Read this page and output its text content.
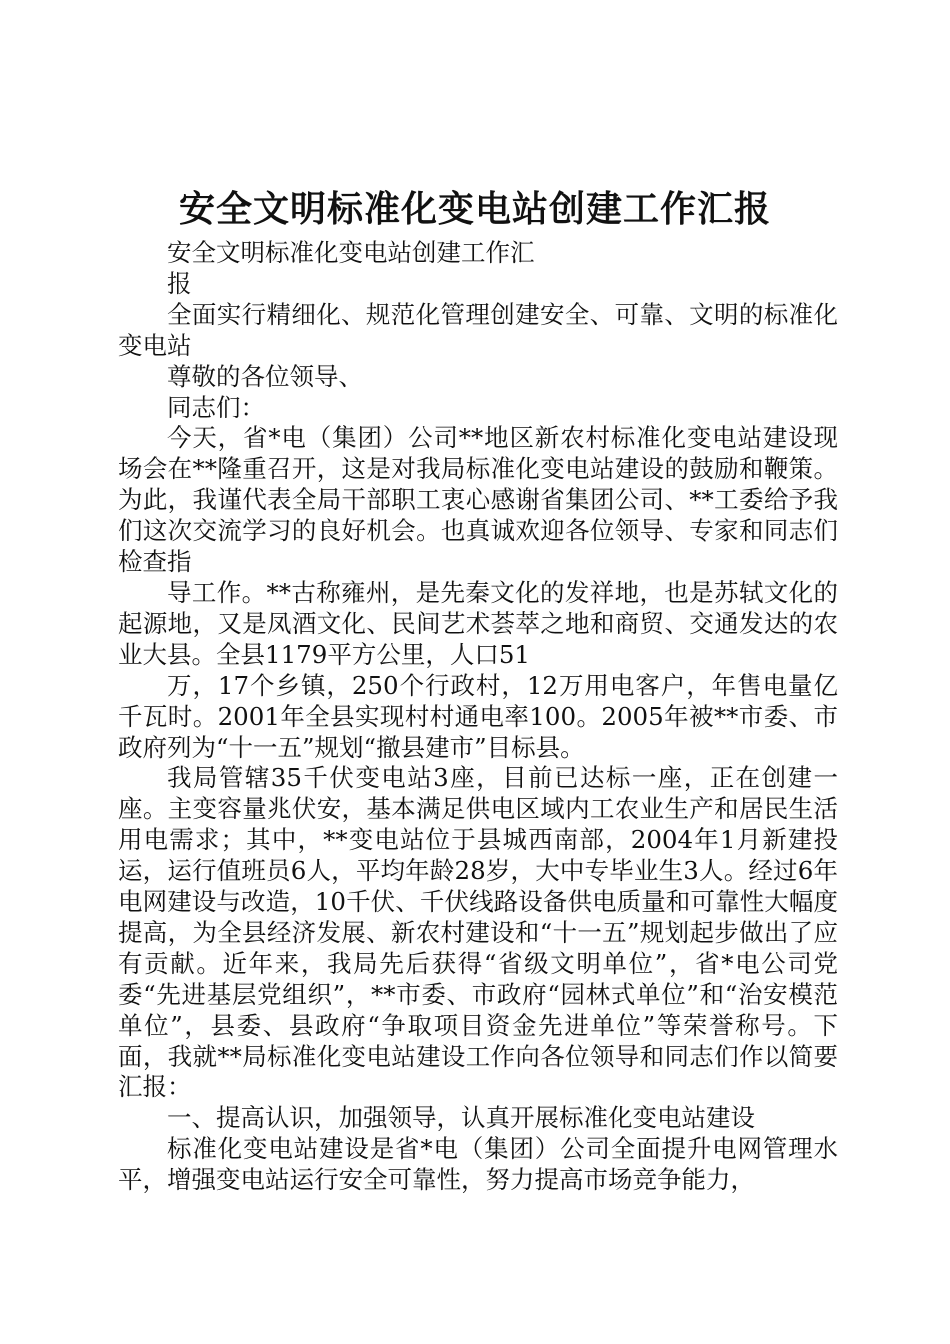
安全文明标准化变电站创建工作汇报

安全文明标准化变电站创建工作汇

报

全面实行精细化、规范化管理创建安全、可靠、文明的标准化变电站

尊敬的各位领导、

同志们：

今天，省*电（集团）公司**地区新农村标准化变电站建设现场会在**隆重召开，这是对我局标准化变电站建设的鼓励和鞭策。为此，我谨代表全局干部职工衷心感谢省集团公司、**工委给予我们这次交流学习的良好机会。也真诚欢迎各位领导、专家和同志们检查指

导工作。**古称雍州，是先秦文化的发祥地，也是苏轼文化的起源地，又是凤酒文化、民间艺术荟萃之地和商贸、交通发达的农业大县。全县1179平方公里，人口51

万，17个乡镇，250个行政村，12万用电客户，年售电量亿千瓦时。2001年全县实现村村通电率100。2005年被**市委、市政府列为“十一五”规划“撤县建市”目标县。

我局管辖35千伏变电站3座，目前已达标一座，正在创建一座。主变容量兆伏安，基本满足供电区域内工农业生产和居民生活用电需求；其中，**变电站位于县城西南部，2004年1月新建投运，运行值班员6人，平均年龄28岁，大中专毕业生3人。经过6年电网建设与改造，10千伏、千伏线路设备供电质量和可靠性大幅度提高，为全县经济发展、新农村建设和“十一五”规划起步做出了应有贡献。近年来，我局先后获得“省级文明单位”，省*电公司党委“先进基层党组织”，**市委、市政府“园林式单位”和“治安模范单位”，县委、县政府“争取项目资金先进单位”等荣誉称号。下面，我就**局标准化变电站建设工作向各位领导和同志们作以简要汇报：

一、提高认识，加强领导，认真开展标准化变电站建设

标准化变电站建设是省*电（集团）公司全面提升电网管理水平，增强变电站运行安全可靠性，努力提高市场竞争能力，
